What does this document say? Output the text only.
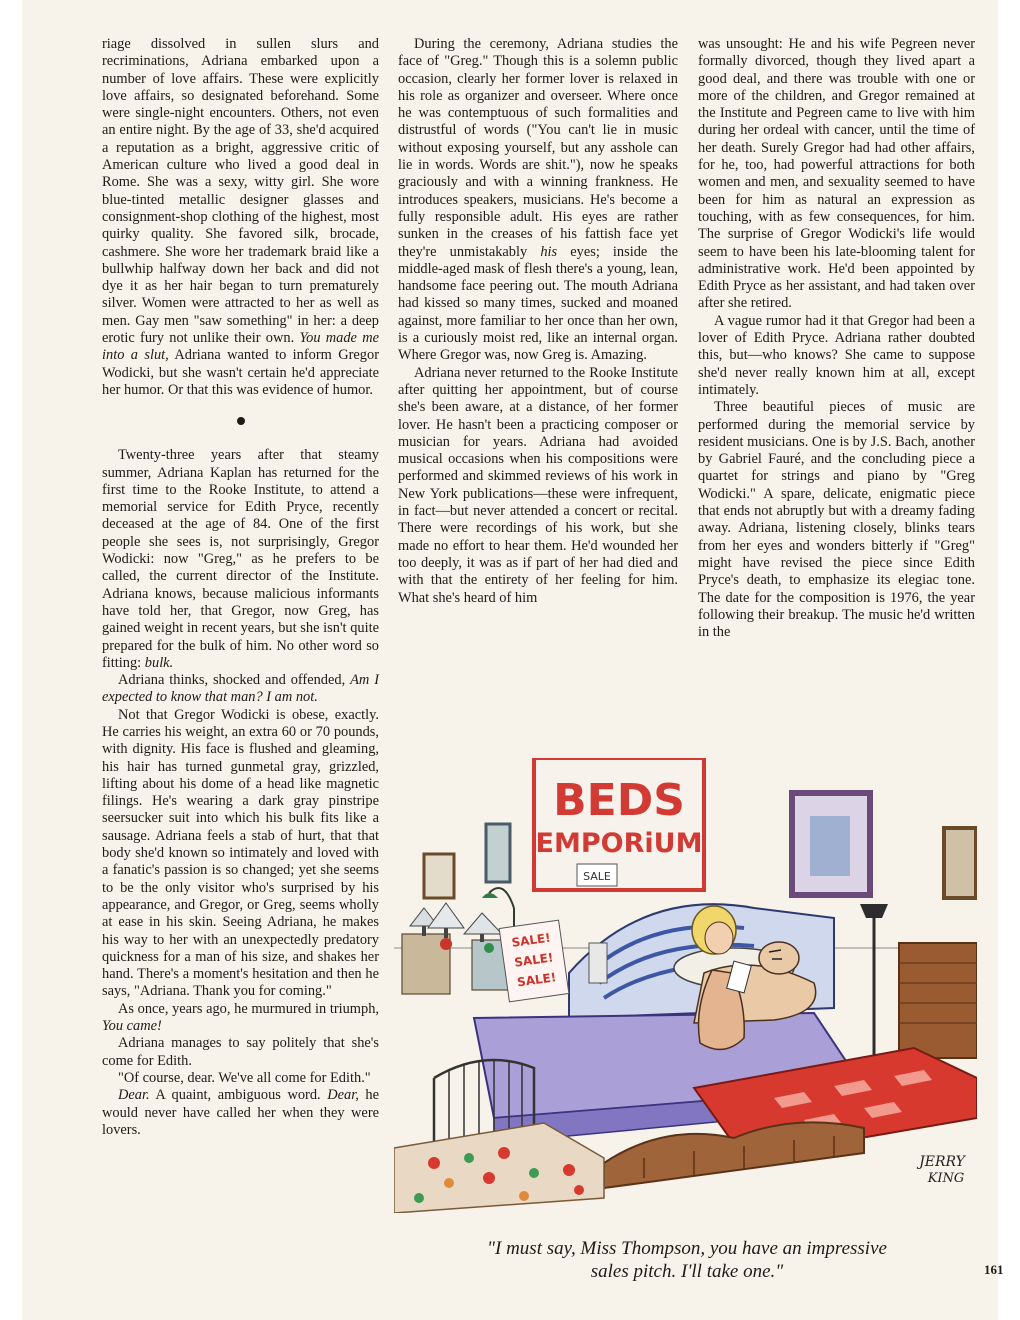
riage dissolved in sullen slurs and recriminations, Adriana embarked upon a number of love affairs. These were explicitly love affairs, so designated beforehand. Some were single-night encounters. Others, not even an entire night. By the age of 33, she'd acquired a reputation as a bright, aggressive critic of American culture who lived a good deal in Rome. She was a sexy, witty girl. She wore blue-tinted metallic designer glasses and consignment-shop clothing of the highest, most quirky quality. She favored silk, brocade, cashmere. She wore her trademark braid like a bullwhip halfway down her back and did not dye it as her hair began to turn prematurely silver. Women were attracted to her as well as men. Gay men "saw something" in her: a deep erotic fury not unlike their own. You made me into a slut, Adriana wanted to inform Gregor Wodicki, but she wasn't certain he'd appreciate her humor. Or that this was evidence of humor.

Twenty-three years after that steamy summer, Adriana Kaplan has returned for the first time to the Rooke Institute, to attend a memorial service for Edith Pryce, recently deceased at the age of 84. One of the first people she sees is, not surprisingly, Gregor Wodicki: now "Greg," as he prefers to be called, the current director of the Institute. Adriana knows, because malicious informants have told her, that Gregor, now Greg, has gained weight in recent years, but she isn't quite prepared for the bulk of him. No other word so fitting: bulk.

Adriana thinks, shocked and offended, Am I expected to know that man? I am not.

Not that Gregor Wodicki is obese, exactly. He carries his weight, an extra 60 or 70 pounds, with dignity. His face is flushed and gleaming, his hair has turned gunmetal gray, grizzled, lifting about his dome of a head like magnetic filings. He's wearing a dark gray pinstripe seersucker suit into which his bulk fits like a sausage. Adriana feels a stab of hurt, that that body she'd known so intimately and loved with a fanatic's passion is so changed; yet she seems to be the only visitor who's surprised by his appearance, and Gregor, or Greg, seems wholly at ease in his skin. Seeing Adriana, he makes his way to her with an unexpectedly predatory quickness for a man of his size, and shakes her hand. There's a moment's hesitation and then he says, "Adriana. Thank you for coming."

As once, years ago, he murmured in triumph, You came!

Adriana manages to say politely that she's come for Edith.

"Of course, dear. We've all come for Edith."

Dear. A quaint, ambiguous word. Dear, he would never have called her when they were lovers.

During the ceremony, Adriana studies the face of "Greg." Though this is a solemn public occasion, clearly her former lover is relaxed in his role as organizer and overseer. Where once he was contemptuous of such formalities and distrustful of words ("You can't lie in music without exposing yourself, but any asshole can lie in words. Words are shit."), now he speaks graciously and with a winning frankness. He introduces speakers, musicians. He's become a fully responsible adult. His eyes are rather sunken in the creases of his fattish face yet they're unmistakably his eyes; inside the middle-aged mask of flesh there's a young, lean, handsome face peering out. The mouth Adriana had kissed so many times, sucked and moaned against, more familiar to her once than her own, is a curiously moist red, like an internal organ. Where Gregor was, now Greg is. Amazing.

Adriana never returned to the Rooke Institute after quitting her appointment, but of course she's been aware, at a distance, of her former lover. He hasn't been a practicing composer or musician for years. Adriana had avoided musical occasions when his compositions were performed and skimmed reviews of his work in New York publications—these were infrequent, in fact—but never attended a concert or recital. There were recordings of his work, but she made no effort to hear them. He'd wounded her too deeply, it was as if part of her had died and with that the entirety of her feeling for him. What she's heard of him

was unsought: He and his wife Pegreen never formally divorced, though they lived apart a good deal, and there was trouble with one or more of the children, and Gregor remained at the Institute and Pegreen came to live with him during her ordeal with cancer, until the time of her death. Surely Gregor had had other affairs, for he, too, had powerful attractions for both women and men, and sexuality seemed to have been for him as natural an expression as touching, with as few consequences, for him. The surprise of Gregor Wodicki's life would seem to have been his late-blooming talent for administrative work. He'd been appointed by Edith Pryce as her assistant, and had taken over after she retired.

A vague rumor had it that Gregor had been a lover of Edith Pryce. Adriana rather doubted this, but—who knows? She came to suppose she'd never really known him at all, except intimately.

Three beautiful pieces of music are performed during the memorial service by resident musicians. One is by J.S. Bach, another by Gabriel Fauré, and the concluding piece a quartet for strings and piano by "Greg Wodicki." A spare, delicate, enigmatic piece that ends not abruptly but with a dreamy fading away. Adriana, listening closely, blinks tears from her eyes and wonders bitterly if "Greg" might have revised the piece since Edith Pryce's death, to emphasize its elegiac tone. The date for the composition is 1976, the year following their breakup. The music he'd written in the

BEDS
EMPORiUM
SALE
SALE!
SALE!
SALE!
JERRY
KING
"I must say, Miss Thompson, you have an impressive
sales pitch. I'll take one."	161
